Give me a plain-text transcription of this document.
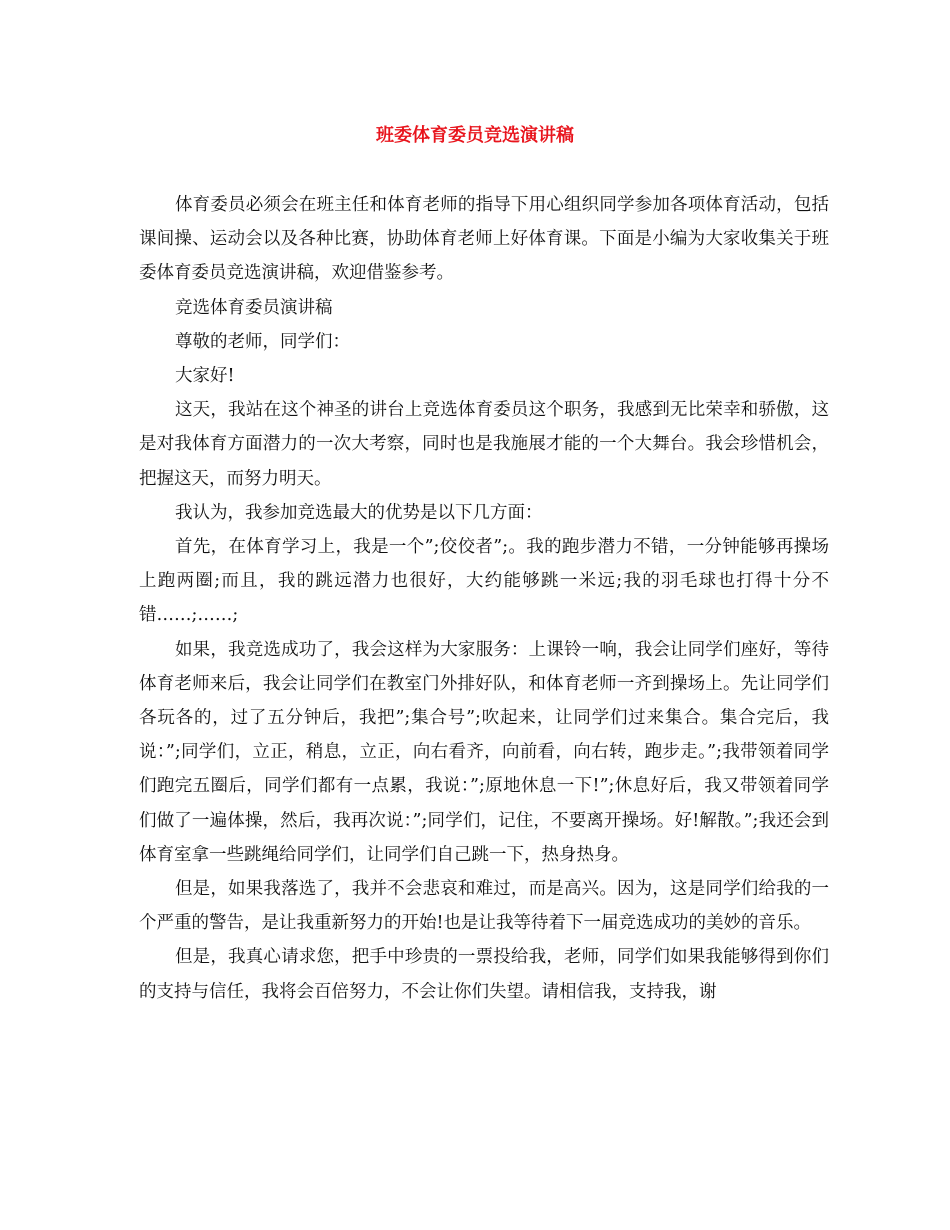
班委体育委员竞选演讲稿

体育委员必须会在班主任和体育老师的指导下用心组织同学参加各项体育活动，包括课间操、运动会以及各种比赛，协助体育老师上好体育课。下面是小编为大家收集关于班委体育委员竞选演讲稿，欢迎借鉴参考。

竞选体育委员演讲稿

尊敬的老师，同学们：

大家好!

这天，我站在这个神圣的讲台上竞选体育委员这个职务，我感到无比荣幸和骄傲，这是对我体育方面潜力的一次大考察，同时也是我施展才能的一个大舞台。我会珍惜机会，把握这天，而努力明天。

我认为，我参加竞选最大的优势是以下几方面：

首先，在体育学习上，我是一个”;佼佼者”;。我的跑步潜力不错，一分钟能够再操场上跑两圈;而且，我的跳远潜力也很好，大约能够跳一米远;我的羽毛球也打得十分不错……;……;

如果，我竞选成功了，我会这样为大家服务：上课铃一响，我会让同学们座好，等待体育老师来后，我会让同学们在教室门外排好队，和体育老师一齐到操场上。先让同学们各玩各的，过了五分钟后，我把”;集合号”;吹起来，让同学们过来集合。集合完后，我说：”;同学们，立正，稍息，立正，向右看齐，向前看，向右转，跑步走。”;我带领着同学们跑完五圈后，同学们都有一点累，我说：”;原地休息一下!”;休息好后，我又带领着同学们做了一遍体操，然后，我再次说：”;同学们，记住，不要离开操场。好!解散。”;我还会到体育室拿一些跳绳给同学们，让同学们自己跳一下，热身热身。

但是，如果我落选了，我并不会悲哀和难过，而是高兴。因为，这是同学们给我的一个严重的警告，是让我重新努力的开始!也是让我等待着下一届竞选成功的美妙的音乐。

但是，我真心请求您，把手中珍贵的一票投给我，老师，同学们如果我能够得到你们的支持与信任，我将会百倍努力，不会让你们失望。请相信我，支持我，谢
